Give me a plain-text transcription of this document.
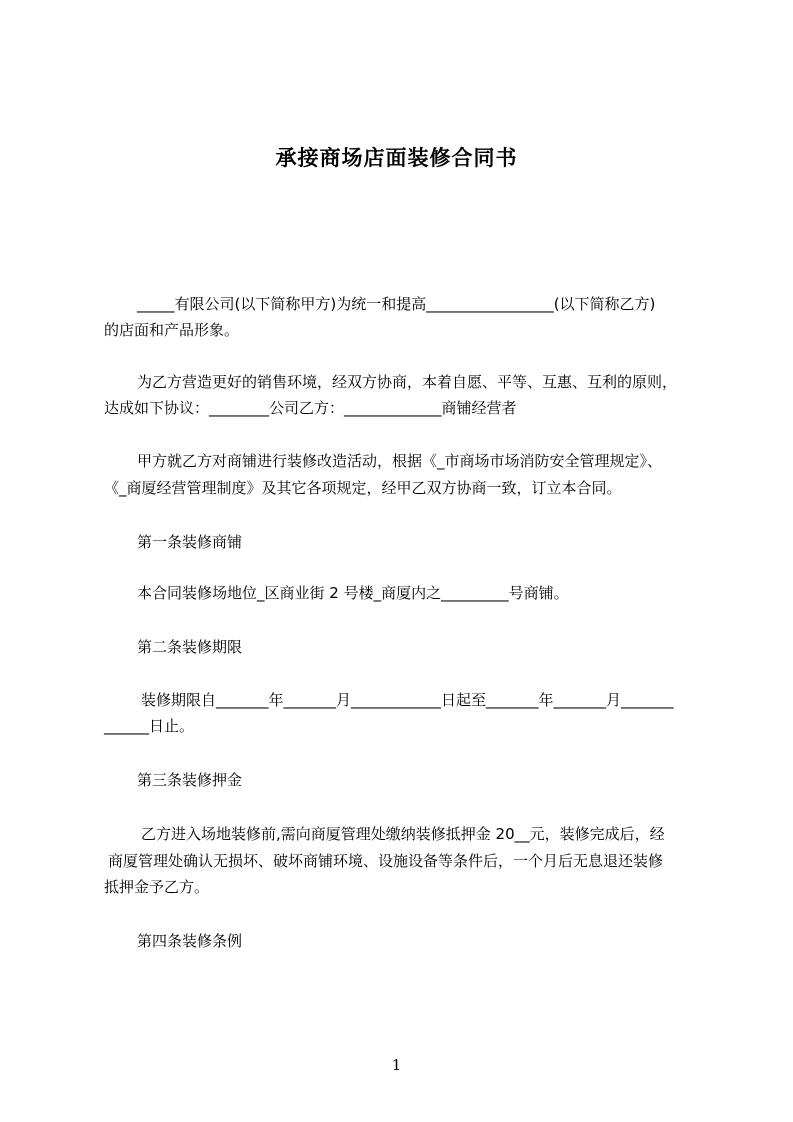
承接商场店面装修合同书
_____有限公司(以下简称甲方)为统一和提高_________________(以下简称乙方)
的店面和产品形象。
为乙方营造更好的销售环境，经双方协商，本着自愿、平等、互惠、互利的原则，
达成如下协议：________公司乙方：_____________商铺经营者
甲方就乙方对商铺进行装修改造活动，根据《_市商场市场消防安全管理规定》、
《_商厦经营管理制度》及其它各项规定，经甲乙双方协商一致，订立本合同。
第一条装修商铺
本合同装修场地位_区商业街 2 号楼_商厦内之_________号商铺。
第二条装修期限
装修期限自_______年_______月____________日起至_______年_______月_______
______日止。
第三条装修押金
乙方进入场地装修前,需向商厦管理处缴纳装修抵押金 20__元，装修完成后，经
商厦管理处确认无损坏、破坏商铺环境、设施设备等条件后，一个月后无息退还装修
抵押金予乙方。
第四条装修条例
1
